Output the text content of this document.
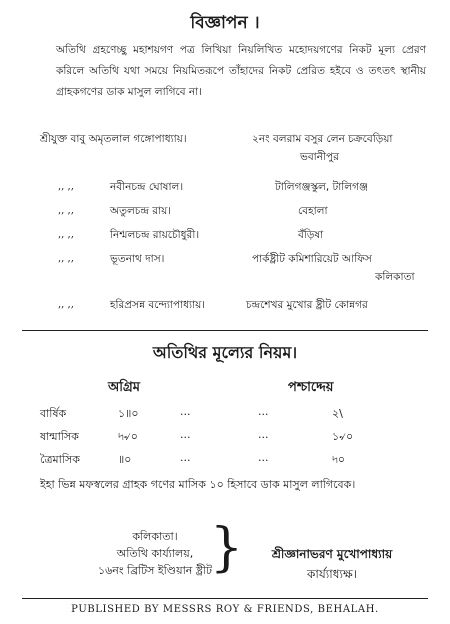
বিজ্ঞাপন ।
অতিথি গ্রহণেচ্ছু মহাশয়গণ পত্র লিখিয়া নিয়লিখিত মহোদয়গণের নিকট মূল্য প্রেরণ করিলে অতিথি যথা সময়ে নিয়মিতরূপে তাঁহাদের নিকট প্রেরিত হইবে ও তৎতৎ স্থানীয় গ্রাহকগণের ডাক মাসুল লাগিবে না।
শ্রীযুক্ত বাবু অমৃতলাল গঙ্গোপাধ্যায়।	২নং বলরাম বসুর লেন চক্রবেড়িয়া
ভবানীপুর
,, ,,	নবীনচন্দ্র ঘোষাল।	টালিগঞ্জস্কুল, টালিগঞ্জ
,, ,,	অতুলচন্দ্র রায়।	বেহালা
,, ,,	নিশ্মলচন্দ্র রায়চৌধুরী।	বঁড়িষা
,, ,,	ভূতনাথ দাস।	পার্কষ্ট্রীট কমিশারিয়েট আফিস
কলিকাতা
,, ,,	হরিপ্রসন্ন বন্দ্যোপাধ্যায়।	চন্দ্রশেখর মুখোর ষ্ট্রীট কোন্নগর
অতিথির মূল্যের নিয়ম।
অগ্রিম	পশ্চাদ্দেয়
বার্ষিক	১॥০	...	...	২\
ষান্মাসিক	৸৵০	...	...	১৵০
ত্রৈমাসিক	॥০	...	...	৸০
ইহা ভিন্ন মফস্বলের গ্রাহক গণের মাসিক ১০ হিসাবে ডাক মাসুল লাগিবেক।
কলিকাতা।
অতিথি কার্য্যালয়,
১৬নং ব্রিটিস ইণ্ডিয়ান ষ্ট্রীট
}	শ্রীজ্ঞানাভরণ মুখোপাধ্যায়
কার্য্যাধ্যক্ষ।
PUBLISHED BY MESSRS ROY & FRIENDS, BEHALAH.
